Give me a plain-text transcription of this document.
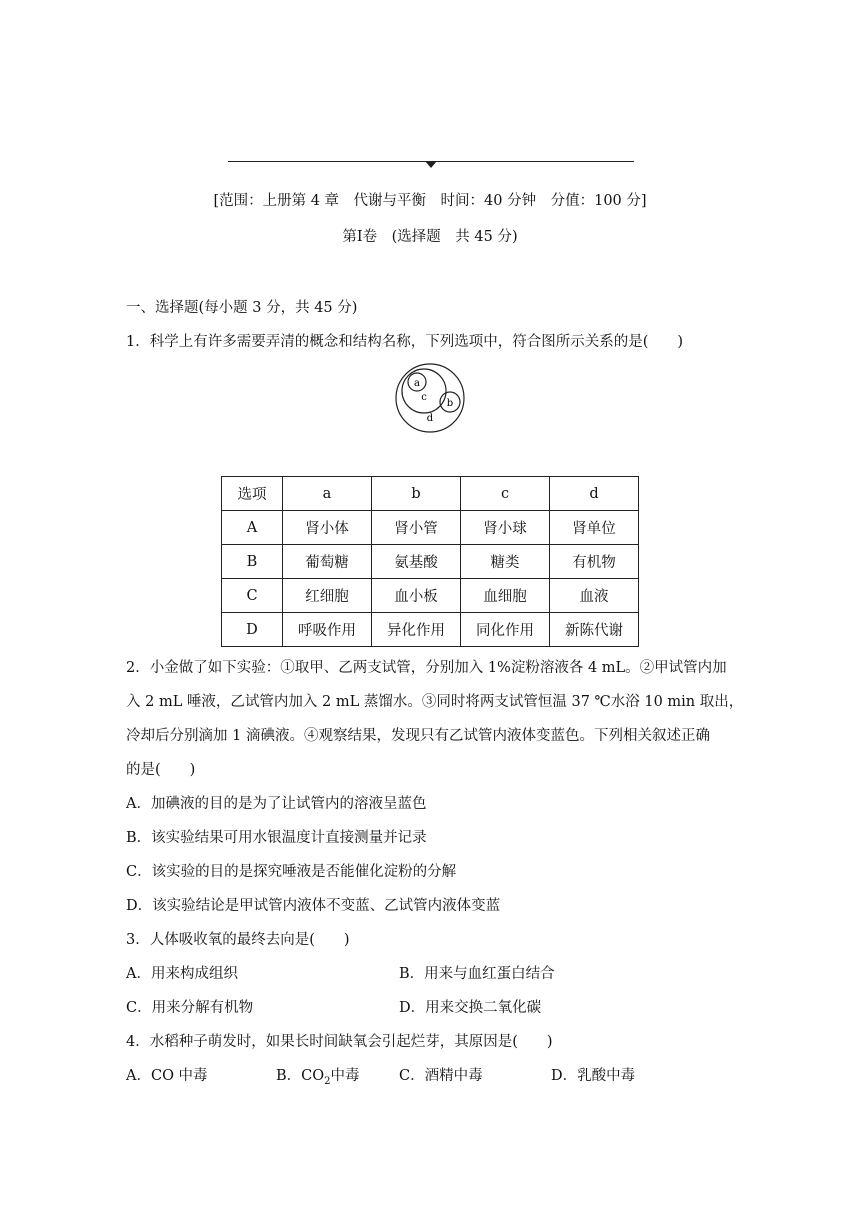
[范围：上册第 4 章　代谢与平衡　时间：40 分钟　分值：100 分]
第Ⅰ卷　(选择题　共 45 分)
一、选择题(每小题 3 分，共 45 分)
1．科学上有许多需要弄清的概念和结构名称，下列选项中，符合图所示关系的是(　　)
a
c
b
d
选项	a	b	c	d
A	肾小体	肾小管	肾小球	肾单位
B	葡萄糖	氨基酸	糖类	有机物
C	红细胞	血小板	血细胞	血液
D	呼吸作用	异化作用	同化作用	新陈代谢
2．小金做了如下实验：①取甲、乙两支试管，分别加入 1%淀粉溶液各 4 mL。②甲试管内加
入 2 mL 唾液，乙试管内加入 2 mL 蒸馏水。③同时将两支试管恒温 37 ℃水浴 10 min 取出，
冷却后分别滴加 1 滴碘液。④观察结果，发现只有乙试管内液体变蓝色。下列相关叙述正确
的是(　　)
A．加碘液的目的是为了让试管内的溶液呈蓝色
B．该实验结果可用水银温度计直接测量并记录
C．该实验的目的是探究唾液是否能催化淀粉的分解
D．该实验结论是甲试管内液体不变蓝、乙试管内液体变蓝
3．人体吸收氧的最终去向是(　　)
A．用来构成组织	B．用来与血红蛋白结合
C．用来分解有机物	D．用来交换二氧化碳
4．水稻种子萌发时，如果长时间缺氧会引起烂芽，其原因是(　　)
A．CO 中毒	B．$CO_2$中毒	C．酒精中毒	D．乳酸中毒
